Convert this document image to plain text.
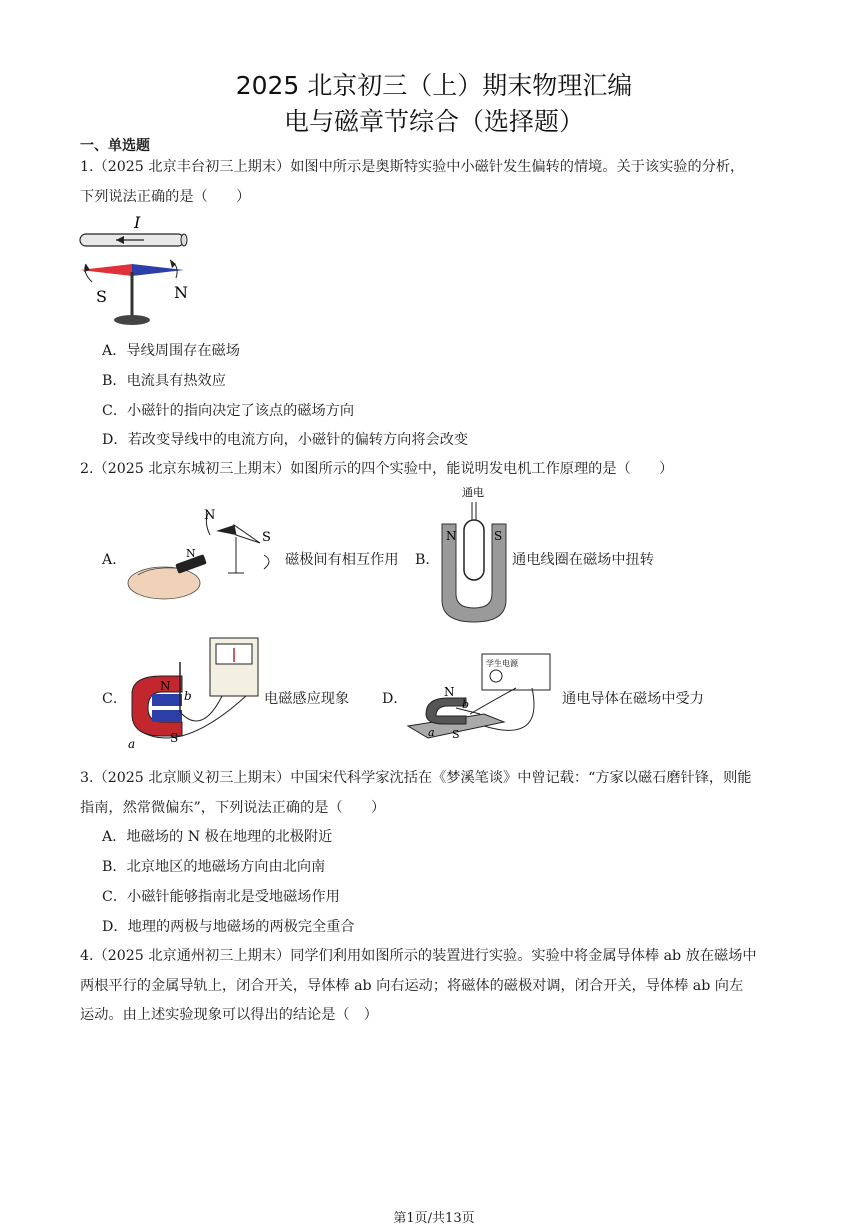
2025 北京初三（上）期末物理汇编
电与磁章节综合（选择题）
一、单选题
1.（2025 北京丰台初三上期末）如图中所示是奥斯特实验中小磁针发生偏转的情境。关于该实验的分析，
下列说法正确的是（　　）
I
S	N
A．导线周围存在磁场
B．电流具有热效应
C．小磁针的指向决定了该点的磁场方向
D．若改变导线中的电流方向，小磁针的偏转方向将会改变
2.（2025 北京东城初三上期末）如图所示的四个实验中，能说明发电机工作原理的是（　　）
A．
N
S
N	磁极间有相互作用 B．
通电
N	S
通电线圈在磁场中扭转
C．
N
S
a
b	电磁感应现象 D．
学生电源
N
S
a
b	通电导体在磁场中受力
3.（2025 北京顺义初三上期末）中国宋代科学家沈括在《梦溪笔谈》中曾记载：“方家以磁石磨针锋，则能
指南，然常微偏东”，下列说法正确的是（　　）
A．地磁场的 N 极在地理的北极附近
B．北京地区的地磁场方向由北向南
C．小磁针能够指南北是受地磁场作用
D．地理的两极与地磁场的两极完全重合
4.（2025 北京通州初三上期末）同学们利用如图所示的装置进行实验。实验中将金属导体棒 ab 放在磁场中
两根平行的金属导轨上，闭合开关，导体棒 ab 向右运动；将磁体的磁极对调，闭合开关，导体棒 ab 向左
运动。由上述实验现象可以得出的结论是（　）
第1页/共13页
